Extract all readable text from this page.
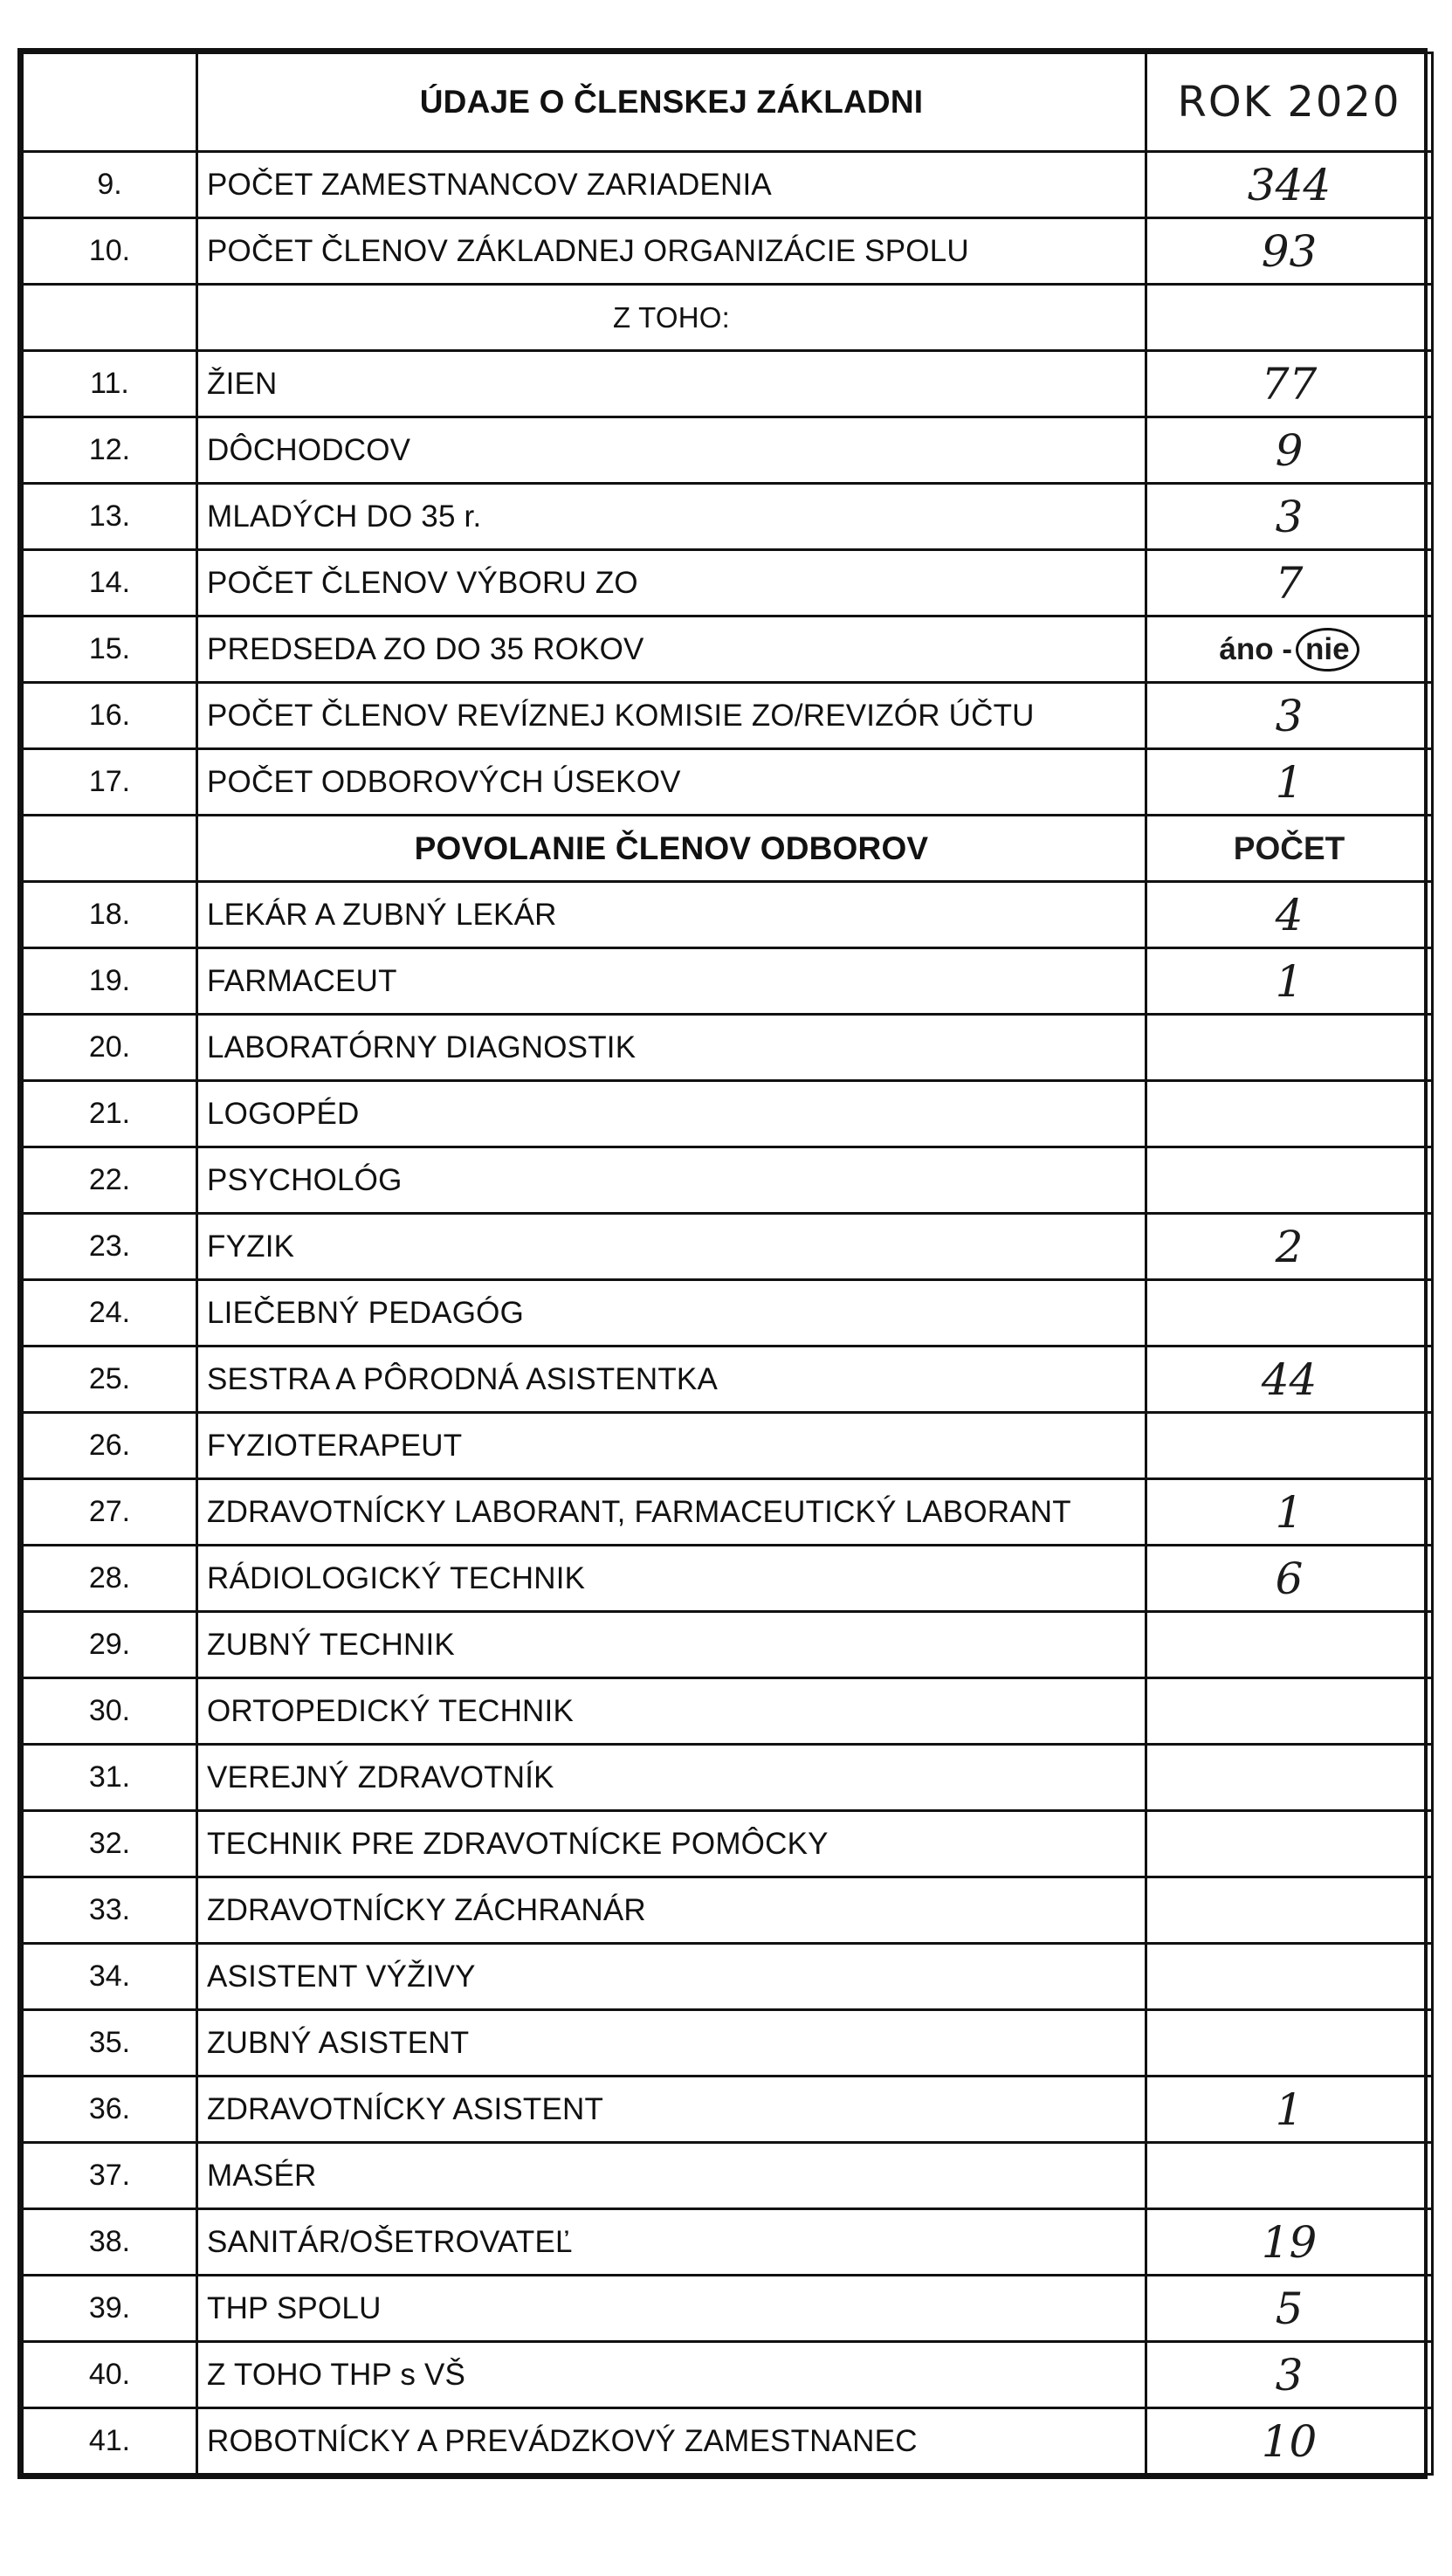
	ÚDAJE O ČLENSKEJ ZÁKLADNI	ROK 2020
9.	POČET ZAMESTNANCOV ZARIADENIA	344
10.	POČET ČLENOV ZÁKLADNEJ ORGANIZÁCIE SPOLU	93
	Z TOHO:	
11.	ŽIEN	77
12.	DÔCHODCOV	9
13.	MLADÝCH DO 35 r.	3
14.	POČET ČLENOV VÝBORU ZO	7
15.	PREDSEDA ZO DO 35 ROKOV	áno - nie
16.	POČET ČLENOV REVÍZNEJ KOMISIE ZO/REVIZÓR ÚČTU	3
17.	POČET ODBOROVÝCH ÚSEKOV	1
	POVOLANIE ČLENOV ODBOROV	POČET
18.	LEKÁR A ZUBNÝ LEKÁR	4
19.	FARMACEUT	1
20.	LABORATÓRNY DIAGNOSTIK	
21.	LOGOPÉD	
22.	PSYCHOLÓG	
23.	FYZIK	2
24.	LIEČEBNÝ PEDAGÓG	
25.	SESTRA A PÔRODNÁ ASISTENTKA	44
26.	FYZIOTERAPEUT	
27.	ZDRAVOTNÍCKY LABORANT, FARMACEUTICKÝ LABORANT	1
28.	RÁDIOLOGICKÝ TECHNIK	6
29.	ZUBNÝ TECHNIK	
30.	ORTOPEDICKÝ TECHNIK	
31.	VEREJNÝ ZDRAVOTNÍK	
32.	TECHNIK PRE ZDRAVOTNÍCKE POMÔCKY	
33.	ZDRAVOTNÍCKY ZÁCHRANÁR	
34.	ASISTENT VÝŽIVY	
35.	ZUBNÝ ASISTENT	
36.	ZDRAVOTNÍCKY ASISTENT	1
37.	MASÉR	
38.	SANITÁR/OŠETROVATEĽ	19
39.	THP SPOLU	5
40.	Z TOHO THP s VŠ	3
41.	ROBOTNÍCKY A PREVÁDZKOVÝ ZAMESTNANEC	10
